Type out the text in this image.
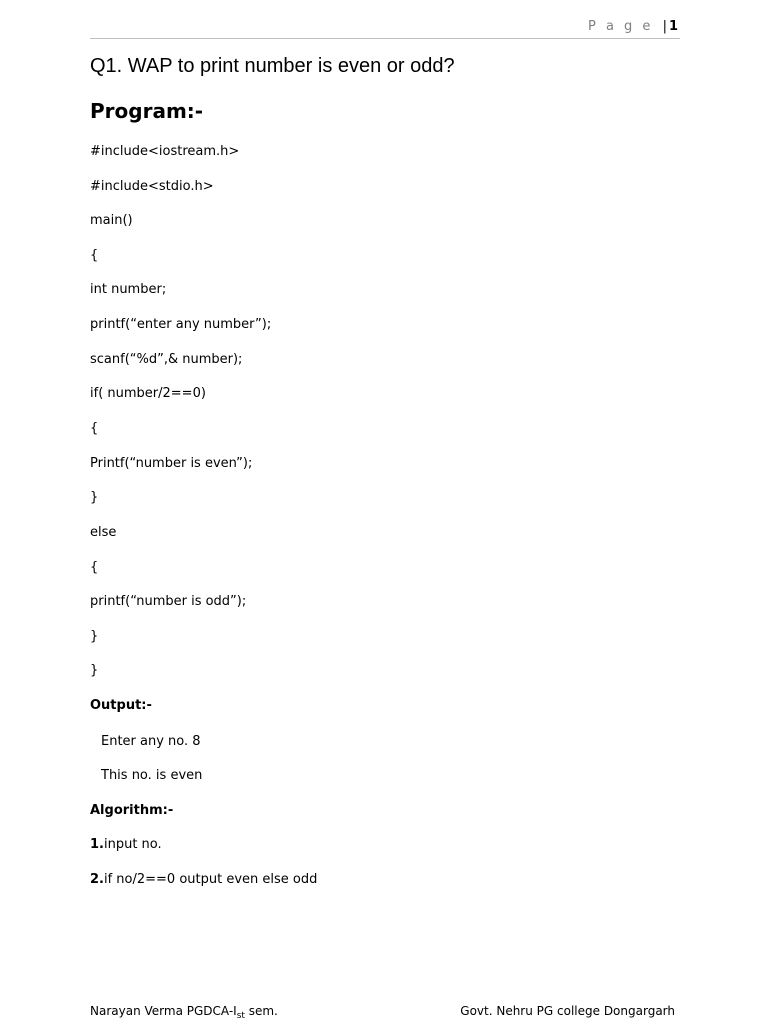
P a g e | 1
Q1. WAP to print number is even or odd?
Program:-
#include<iostream.h>
#include<stdio.h>
main()
{
int number;
printf(“enter any number”);
scanf(“%d”,& number);
if( number/2==0)
{
Printf(“number is even”);
}
else
{
printf(“number is odd”);
}
}
Output:-
Enter any no. 8
This no. is even
Algorithm:-
1.input no.
2.if no/2==0 output even else odd
Narayan Verma PGDCA-$I_{st}$ sem.	Govt. Nehru PG college Dongargarh
